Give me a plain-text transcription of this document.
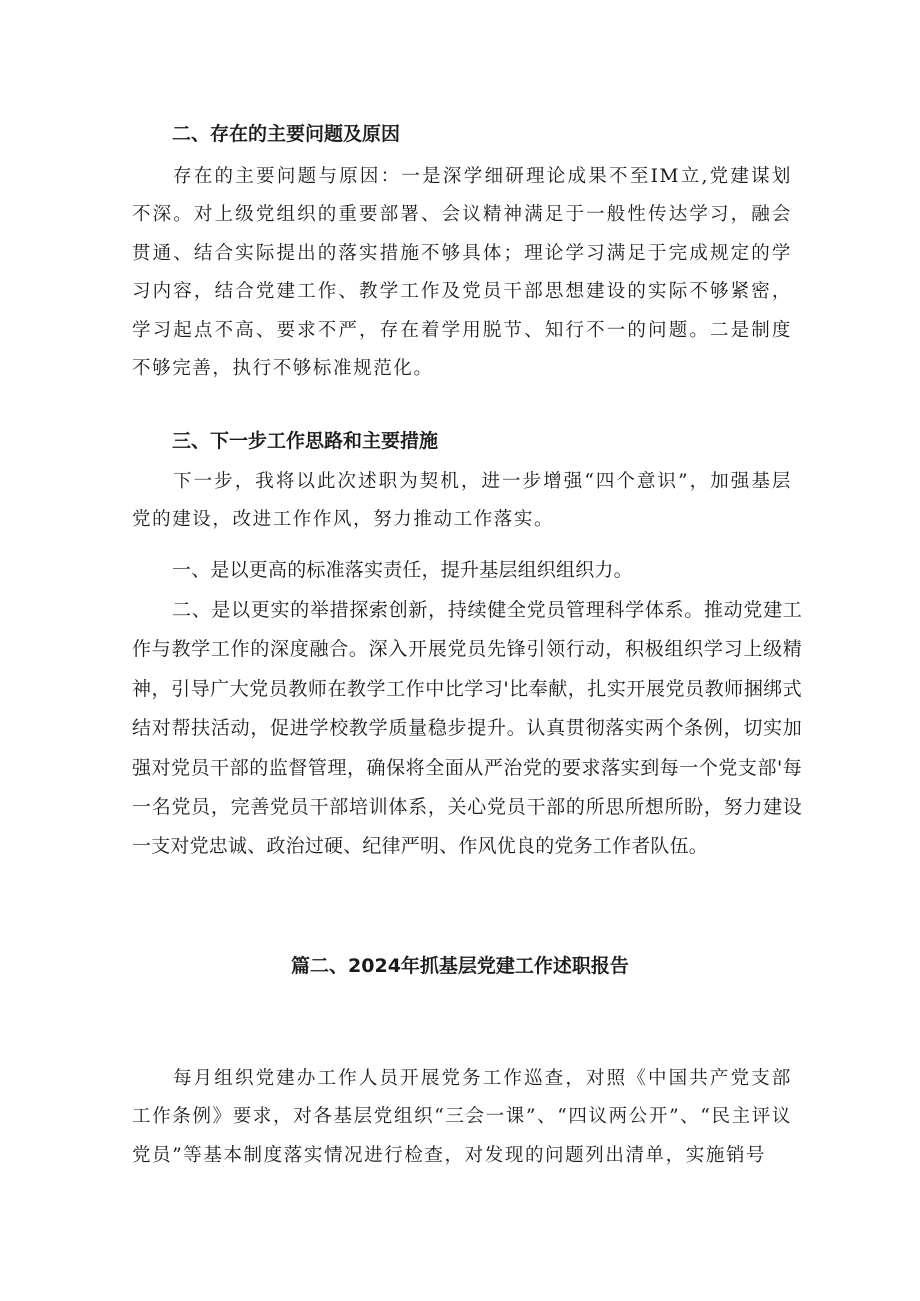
二、存在的主要问题及原因

存在的主要问题与原因：一是深学细研理论成果不至IM立,党建谋划不深。对上级党组织的重要部署、会议精神满足于一般性传达学习，融会贯通、结合实际提出的落实措施不够具体；理论学习满足于完成规定的学习内容，结合党建工作、教学工作及党员干部思想建设的实际不够紧密，学习起点不高、要求不严，存在着学用脱节、知行不一的问题。二是制度不够完善，执行不够标准规范化。

三、下一步工作思路和主要措施

下一步，我将以此次述职为契机，进一步增强“四个意识”，加强基层党的建设，改进工作作风，努力推动工作落实。

一、是以更高的标准落实责任，提升基层组织组织力。

二、是以更实的举措探索创新，持续健全党员管理科学体系。推动党建工作与教学工作的深度融合。深入开展党员先锋引领行动，积极组织学习上级精神，引导广大党员教师在教学工作中比学习'比奉献，扎实开展党员教师捆绑式结对帮扶活动，促进学校教学质量稳步提升。认真贯彻落实两个条例，切实加强对党员干部的监督管理，确保将全面从严治党的要求落实到每一个党支部'每一名党员，完善党员干部培训体系，关心党员干部的所思所想所盼，努力建设一支对党忠诚、政治过硬、纪律严明、作风优良的党务工作者队伍。

篇二、2024年抓基层党建工作述职报告

每月组织党建办工作人员开展党务工作巡查，对照《中国共产党支部工作条例》要求，对各基层党组织“三会一课”、“四议两公开”、“民主评议党员”等基本制度落实情况进行检查，对发现的问题列出清单，实施销号
